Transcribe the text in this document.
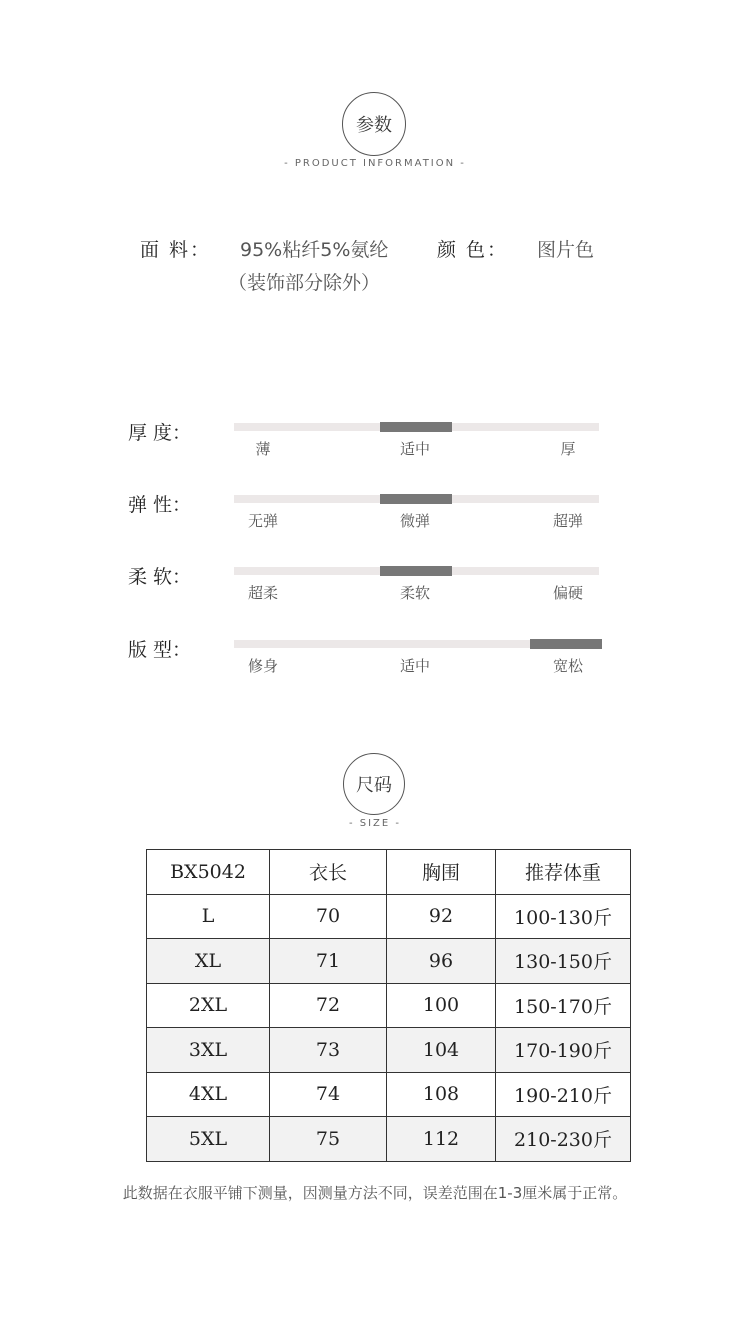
参数
- PRODUCT INFORMATION -
面 料： 95%粘纤5%氨纶
（装饰部分除外）
颜 色： 图片色
厚 度：
薄	适中	厚
弹 性：
无弹	微弹	超弹
柔 软：
超柔	柔软	偏硬
版 型：
修身	适中	宽松
尺码
- SIZE -
BX5042	衣长	胸围	推荐体重
L	70	92	100-130斤
XL	71	96	130-150斤
2XL	72	100	150-170斤
3XL	73	104	170-190斤
4XL	74	108	190-210斤
5XL	75	112	210-230斤
此数据在衣服平铺下测量，因测量方法不同，误差范围在1-3厘米属于正常。
